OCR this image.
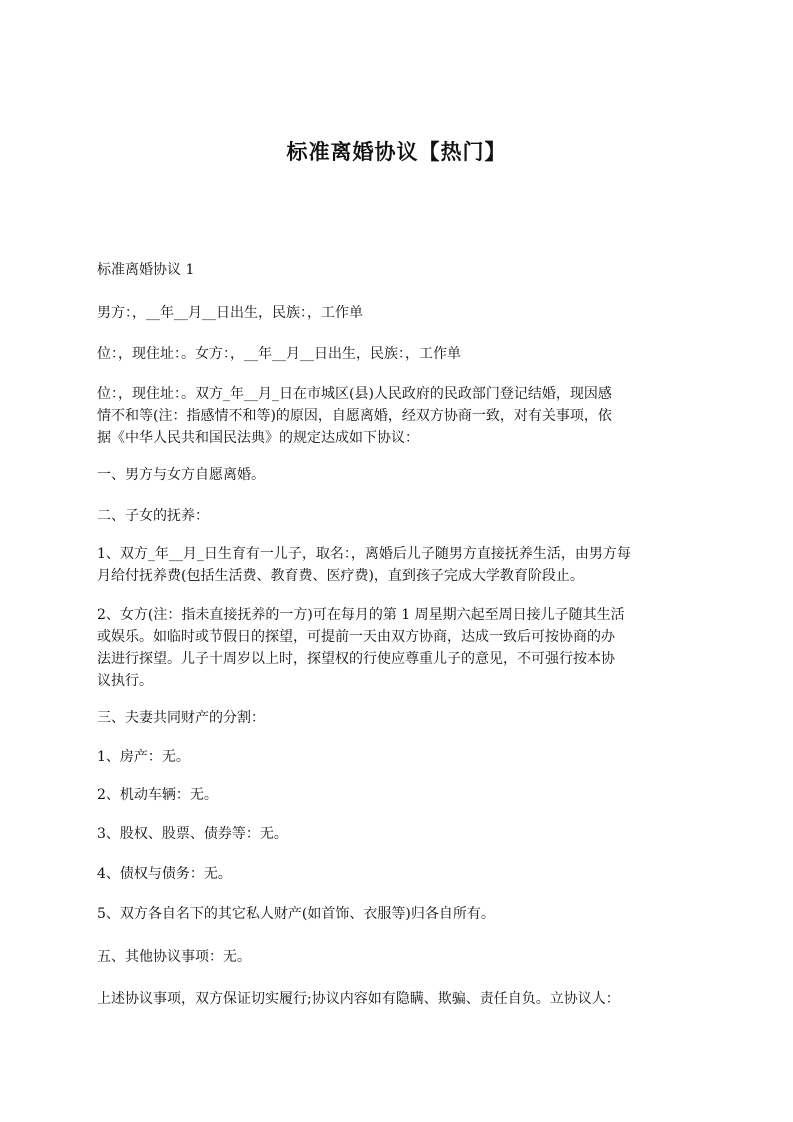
标准离婚协议【热门】
标准离婚协议 1
男方：，__年__月__日出生，民族：，工作单
位：，现住址：。女方：，__年__月__日出生，民族：，工作单
位：，现住址：。双方_年__月_日在市城区(县)人民政府的民政部门登记结婚，现因感
情不和等(注：指感情不和等)的原因，自愿离婚，经双方协商一致，对有关事项，依
据《中华人民共和国民法典》的规定达成如下协议：
一、男方与女方自愿离婚。
二、子女的抚养：
1、双方_年__月_日生育有一儿子，取名：，离婚后儿子随男方直接抚养生活，由男方每
月给付抚养费(包括生活费、教育费、医疗费)，直到孩子完成大学教育阶段止。
2、女方(注：指未直接抚养的一方)可在每月的第 1 周星期六起至周日接儿子随其生活
或娱乐。如临时或节假日的探望，可提前一天由双方协商，达成一致后可按协商的办
法进行探望。儿子十周岁以上时，探望权的行使应尊重儿子的意见，不可强行按本协
议执行。
三、夫妻共同财产的分割：
1、房产：无。
2、机动车辆：无。
3、股权、股票、债券等：无。
4、债权与债务：无。
5、双方各自名下的其它私人财产(如首饰、衣服等)归各自所有。
五、其他协议事项：无。
上述协议事项，双方保证切实履行;协议内容如有隐瞒、欺骗、责任自负。立协议人：
